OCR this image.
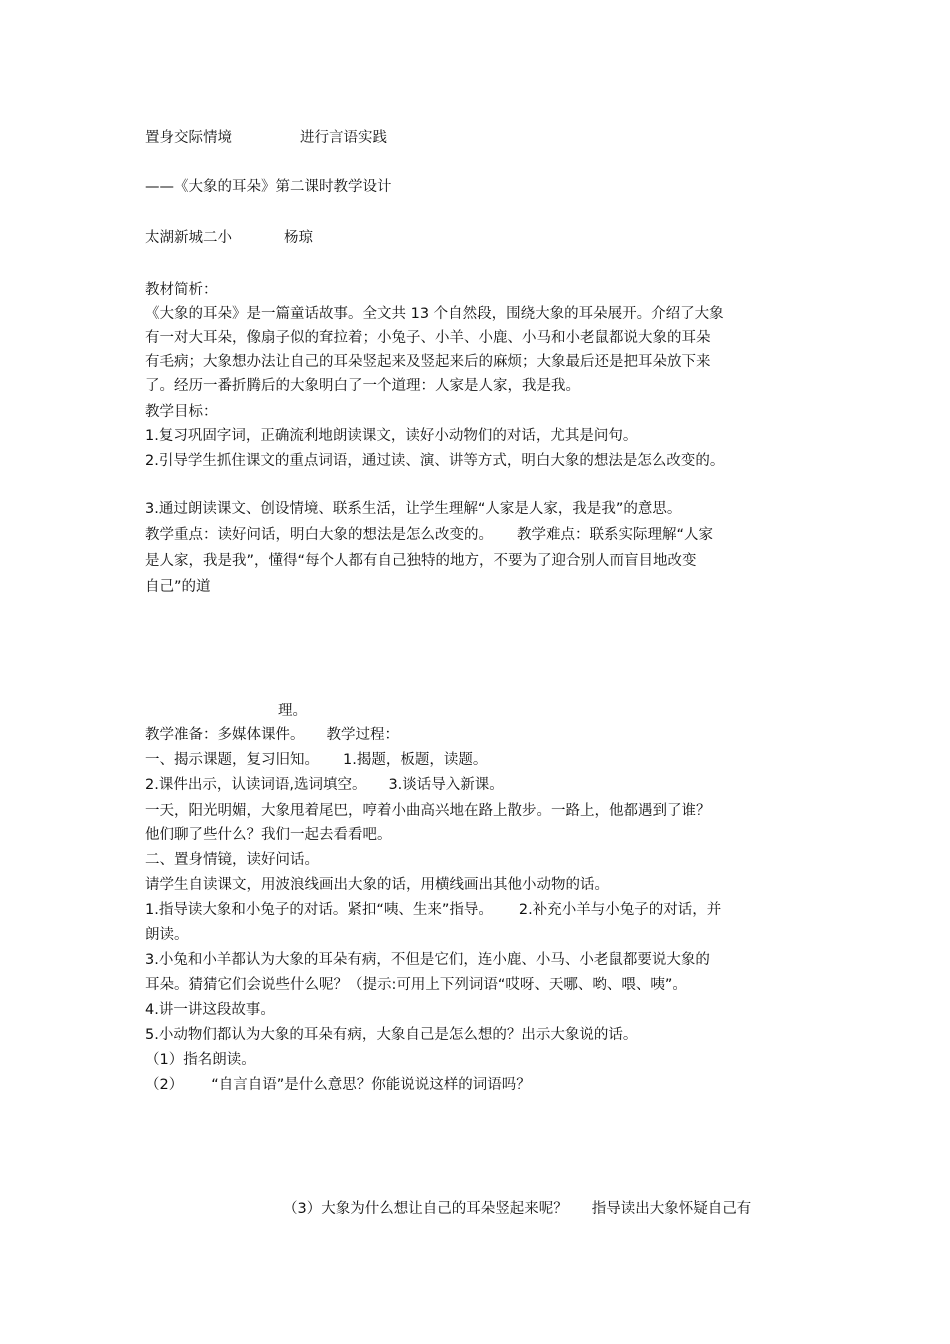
置身交际情境	进行言语实践
——《大象的耳朵》第二课时教学设计
太湖新城二小	杨琼
教材简析：
《大象的耳朵》是一篇童话故事。全文共 13 个自然段，围绕大象的耳朵展开。介绍了大象
有一对大耳朵，像扇子似的耷拉着；小兔子、小羊、小鹿、小马和小老鼠都说大象的耳朵
有毛病；大象想办法让自己的耳朵竖起来及竖起来后的麻烦；大象最后还是把耳朵放下来
了。经历一番折腾后的大象明白了一个道理：人家是人家，我是我。
教学目标：
1.复习巩固字词，正确流利地朗读课文，读好小动物们的对话，尤其是问句。
2.引导学生抓住课文的重点词语，通过读、演、讲等方式，明白大象的想法是怎么改变的。
3.通过朗读课文、创设情境、联系生活，让学生理解“人家是人家，我是我”的意思。
教学重点：读好问话，明白大象的想法是怎么改变的。 教学难点：联系实际理解“人家
是人家，我是我”，懂得“每个人都有自己独特的地方，不要为了迎合别人而盲目地改变
自己”的道
理。
教学准备：多媒体课件。 教学过程：
一、揭示课题，复习旧知。 1.揭题，板题，读题。
2.课件出示，认读词语,选词填空。 3.谈话导入新课。
一天，阳光明媚，大象甩着尾巴，哼着小曲高兴地在路上散步。一路上，他都遇到了谁？
他们聊了些什么？我们一起去看看吧。
二、置身情镜，读好问话。
请学生自读课文，用波浪线画出大象的话，用横线画出其他小动物的话。
1.指导读大象和小兔子的对话。紧扣“咦、生来”指导。 2.补充小羊与小兔子的对话，并
朗读。
3.小兔和小羊都认为大象的耳朵有病，不但是它们，连小鹿、小马、小老鼠都要说大象的
耳朵。猜猜它们会说些什么呢？（提示:可用上下列词语“哎呀、天哪、哟、喂、咦”。
4.讲一讲这段故事。
5.小动物们都认为大象的耳朵有病，大象自己是怎么想的？出示大象说的话。
（1）指名朗读。
（2） “自言自语”是什么意思？你能说说这样的词语吗？
（3）大象为什么想让自己的耳朵竖起来呢？ 指导读出大象怀疑自己有
